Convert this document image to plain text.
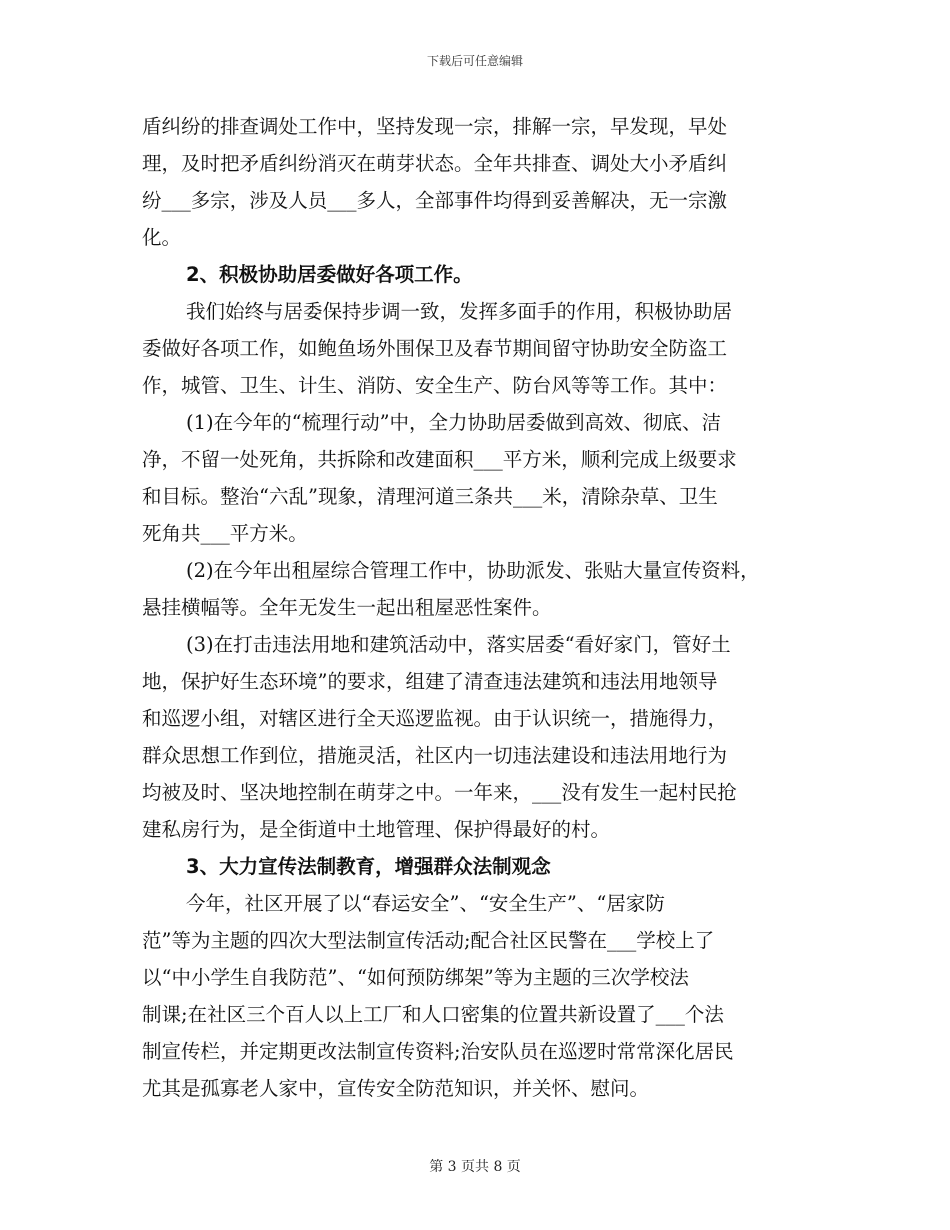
下载后可任意编辑
盾纠纷的排查调处工作中，坚持发现一宗，排解一宗，早发现，早处
理，及时把矛盾纠纷消灭在萌芽状态。全年共排查、调处大小矛盾纠
纷___多宗，涉及人员___多人，全部事件均得到妥善解决，无一宗激
化。
2、积极协助居委做好各项工作。
我们始终与居委保持步调一致，发挥多面手的作用，积极协助居
委做好各项工作，如鲍鱼场外围保卫及春节期间留守协助安全防盗工
作，城管、卫生、计生、消防、安全生产、防台风等等工作。其中：
(1)在今年的“梳理行动”中，全力协助居委做到高效、彻底、洁
净，不留一处死角，共拆除和改建面积___平方米，顺利完成上级要求
和目标。整治“六乱”现象，清理河道三条共___米，清除杂草、卫生
死角共___平方米。
(2)在今年出租屋综合管理工作中，协助派发、张贴大量宣传资料，
悬挂横幅等。全年无发生一起出租屋恶性案件。
(3)在打击违法用地和建筑活动中，落实居委“看好家门，管好土
地，保护好生态环境”的要求，组建了清查违法建筑和违法用地领导
和巡逻小组，对辖区进行全天巡逻监视。由于认识统一，措施得力，
群众思想工作到位，措施灵活，社区内一切违法建设和违法用地行为
均被及时、坚决地控制在萌芽之中。一年来，___没有发生一起村民抢
建私房行为，是全街道中土地管理、保护得最好的村。
3、大力宣传法制教育，增强群众法制观念
今年，社区开展了以“春运安全”、“安全生产”、“居家防
范”等为主题的四次大型法制宣传活动;配合社区民警在___学校上了
以“中小学生自我防范”、“如何预防绑架”等为主题的三次学校法
制课;在社区三个百人以上工厂和人口密集的位置共新设置了___个法
制宣传栏，并定期更改法制宣传资料;治安队员在巡逻时常常深化居民
尤其是孤寡老人家中，宣传安全防范知识，并关怀、慰问。
第 3 页共 8 页
